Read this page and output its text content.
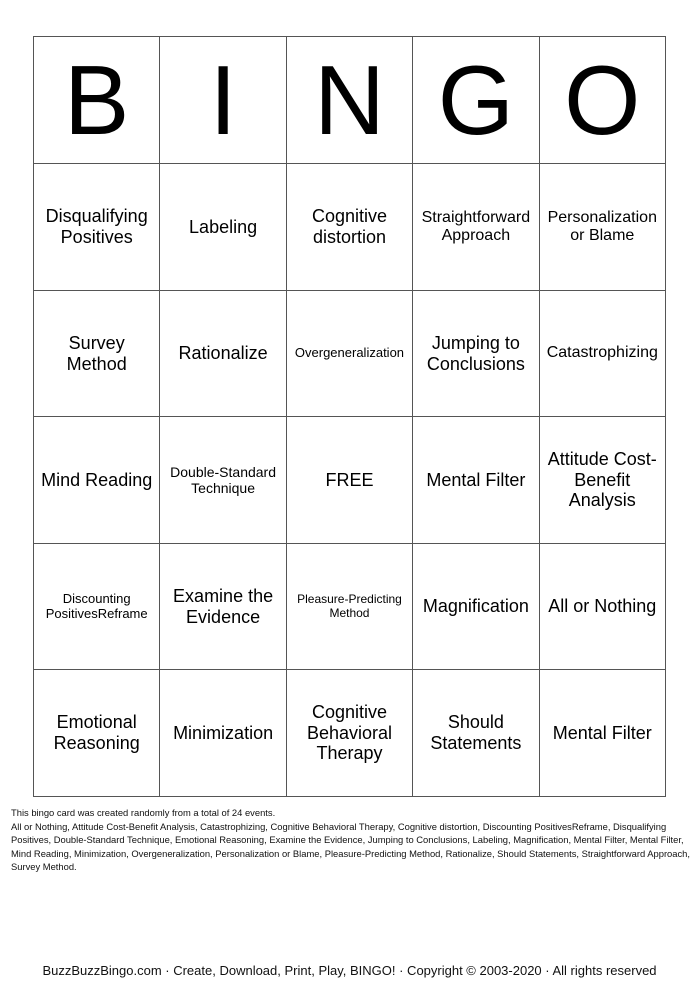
B	I	N	G	O
Disqualifying Positives	Labeling	Cognitive distortion	Straightforward Approach	Personalization or Blame
Survey Method	Rationalize	Overgeneralization	Jumping to Conclusions	Catastrophizing
Mind Reading	Double-Standard Technique	FREE	Mental Filter	Attitude Cost-Benefit Analysis
Discounting PositivesReframe	Examine the Evidence	Pleasure-Predicting Method	Magnification	All or Nothing
Emotional Reasoning	Minimization	Cognitive Behavioral Therapy	Should Statements	Mental Filter

This bingo card was created randomly from a total of 24 events.

All or Nothing, Attitude Cost-Benefit Analysis, Catastrophizing, Cognitive Behavioral Therapy, Cognitive distortion, Discounting PositivesReframe, Disqualifying Positives, Double-Standard Technique, Emotional Reasoning, Examine the Evidence, Jumping to Conclusions, Labeling, Magnification, Mental Filter, Mental Filter, Mind Reading, Minimization, Overgeneralization, Personalization or Blame, Pleasure-Predicting Method, Rationalize, Should Statements, Straightforward Approach, Survey Method.

BuzzBuzzBingo.com · Create, Download, Print, Play, BINGO! · Copyright © 2003-2020 · All rights reserved
